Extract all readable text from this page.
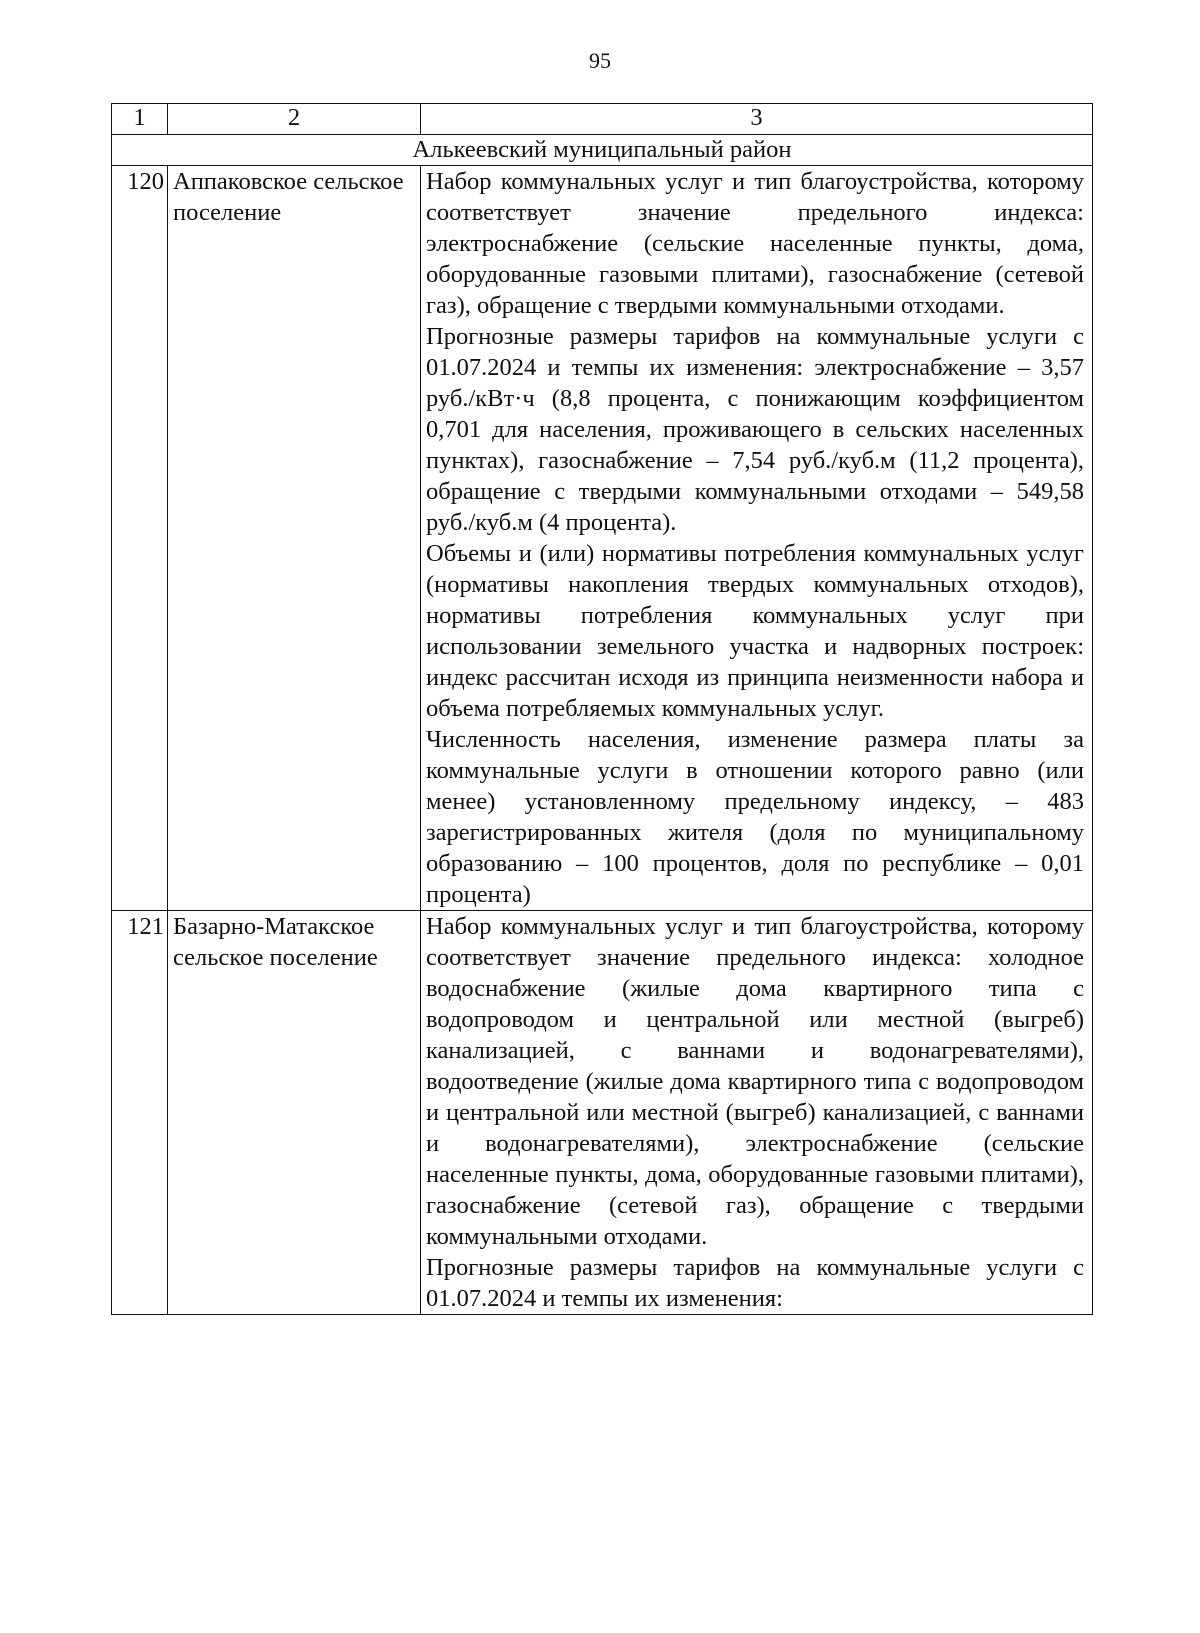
95
1	2	3
Алькеевский муниципальный район		
120	Аппаковское сельское поселение	Набор коммунальных услуг и тип благоустройства, которому соответствует значение предельного индекса: электроснабжение (сельские населенные пункты, дома, оборудованные газовыми плитами), газоснабжение (сетевой газ), обращение с твердыми коммунальными отходами.

Прогнозные размеры тарифов на коммунальные услуги с 01.07.2024 и темпы их изменения: электроснабжение – 3,57 руб./кВт·ч (8,8 процента, с понижающим коэффициентом 0,701 для населения, проживающего в сельских населенных пунктах), газоснабжение – 7,54 руб./куб.м (11,2 процента), обращение с твердыми коммунальными отходами – 549,58 руб./куб.м (4 процента).

Объемы и (или) нормативы потребления коммунальных услуг (нормативы накопления твердых коммунальных отходов), нормативы потребления коммунальных услуг при использовании земельного участка и надворных построек: индекс рассчитан исходя из принципа неизменности набора и объема потребляемых коммунальных услуг.

Численность населения, изменение размера платы за коммунальные услуги в отношении которого равно (или менее) установленному предельному индексу, – 483 зарегистрированных жителя (доля по муниципальному образованию – 100 процентов, доля по республике – 0,01 процента)

121	Базарно-Матакское сельское поселение	Набор коммунальных услуг и тип благоустройства, которому соответствует значение предельного индекса: холодное водоснабжение (жилые дома квартирного типа с водопроводом и центральной или местной (выгреб) канализацией, с ваннами и водонагревателями), водоотведение (жилые дома квартирного типа с водопроводом и центральной или местной (выгреб) канализацией, с ваннами и водонагревателями), электроснабжение (сельские населенные пункты, дома, оборудованные газовыми плитами), газоснабжение (сетевой газ), обращение с твердыми коммунальными отходами.

Прогнозные размеры тарифов на коммунальные услуги с 01.07.2024 и темпы их изменения:
